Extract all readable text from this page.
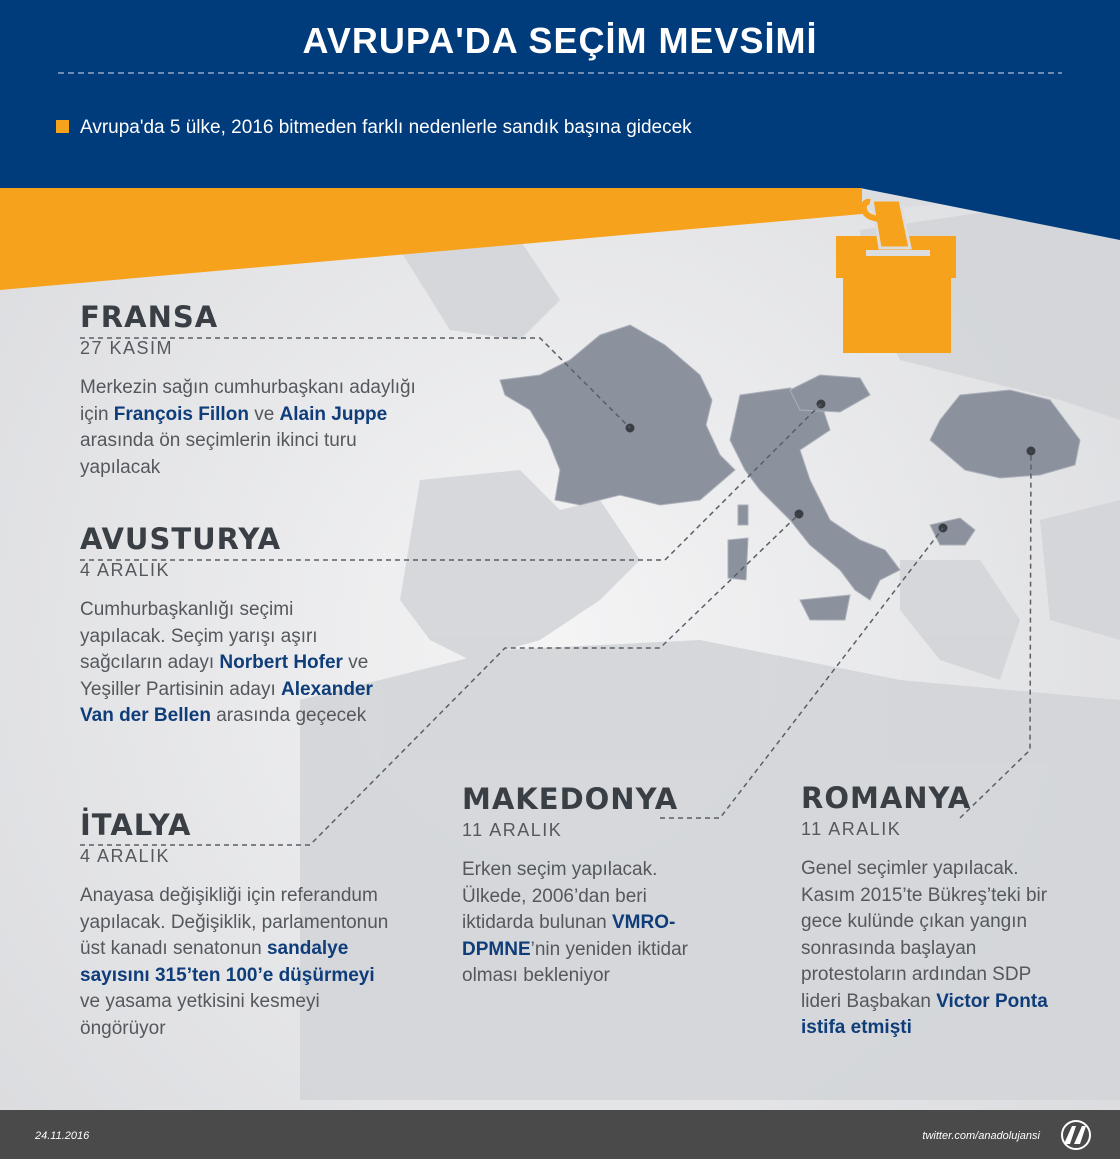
AVRUPA'DA SEÇİM MEVSİMİ
Avrupa'da 5 ülke, 2016 bitmeden farklı nedenlerle sandık başına gidecek
FRANSA
27 KASIM
Merkezin sağın cumhurbaşkanı adaylığı için François Fillon ve Alain Juppe arasında ön seçimlerin ikinci turu yapılacak
AVUSTURYA
4 ARALIK
Cumhurbaşkanlığı seçimi yapılacak. Seçim yarışı aşırı sağcıların adayı Norbert Hofer ve Yeşiller Partisinin adayı Alexander Van der Bellen arasında geçecek
İTALYA
4 ARALIK
Anayasa değişikliği için referandum yapılacak. Değişiklik, parlamentonun üst kanadı senatonun sandalye sayısını 315’ten 100’e düşürmeyi ve yasama yetkisini kesmeyi öngörüyor
MAKEDONYA
11 ARALIK
Erken seçim yapılacak. Ülkede, 2006’dan beri iktidarda bulunan VMRO-DPMNE’nin yeniden iktidar olması bekleniyor
ROMANYA
11 ARALIK
Genel seçimler yapılacak. Kasım 2015’te Bükreş’teki bir gece kulünde çıkan yangın sonrasında başlayan protestoların ardından SDP lideri Başbakan Victor Ponta istifa etmişti
24.11.2016	twitter.com/anadolujansi
